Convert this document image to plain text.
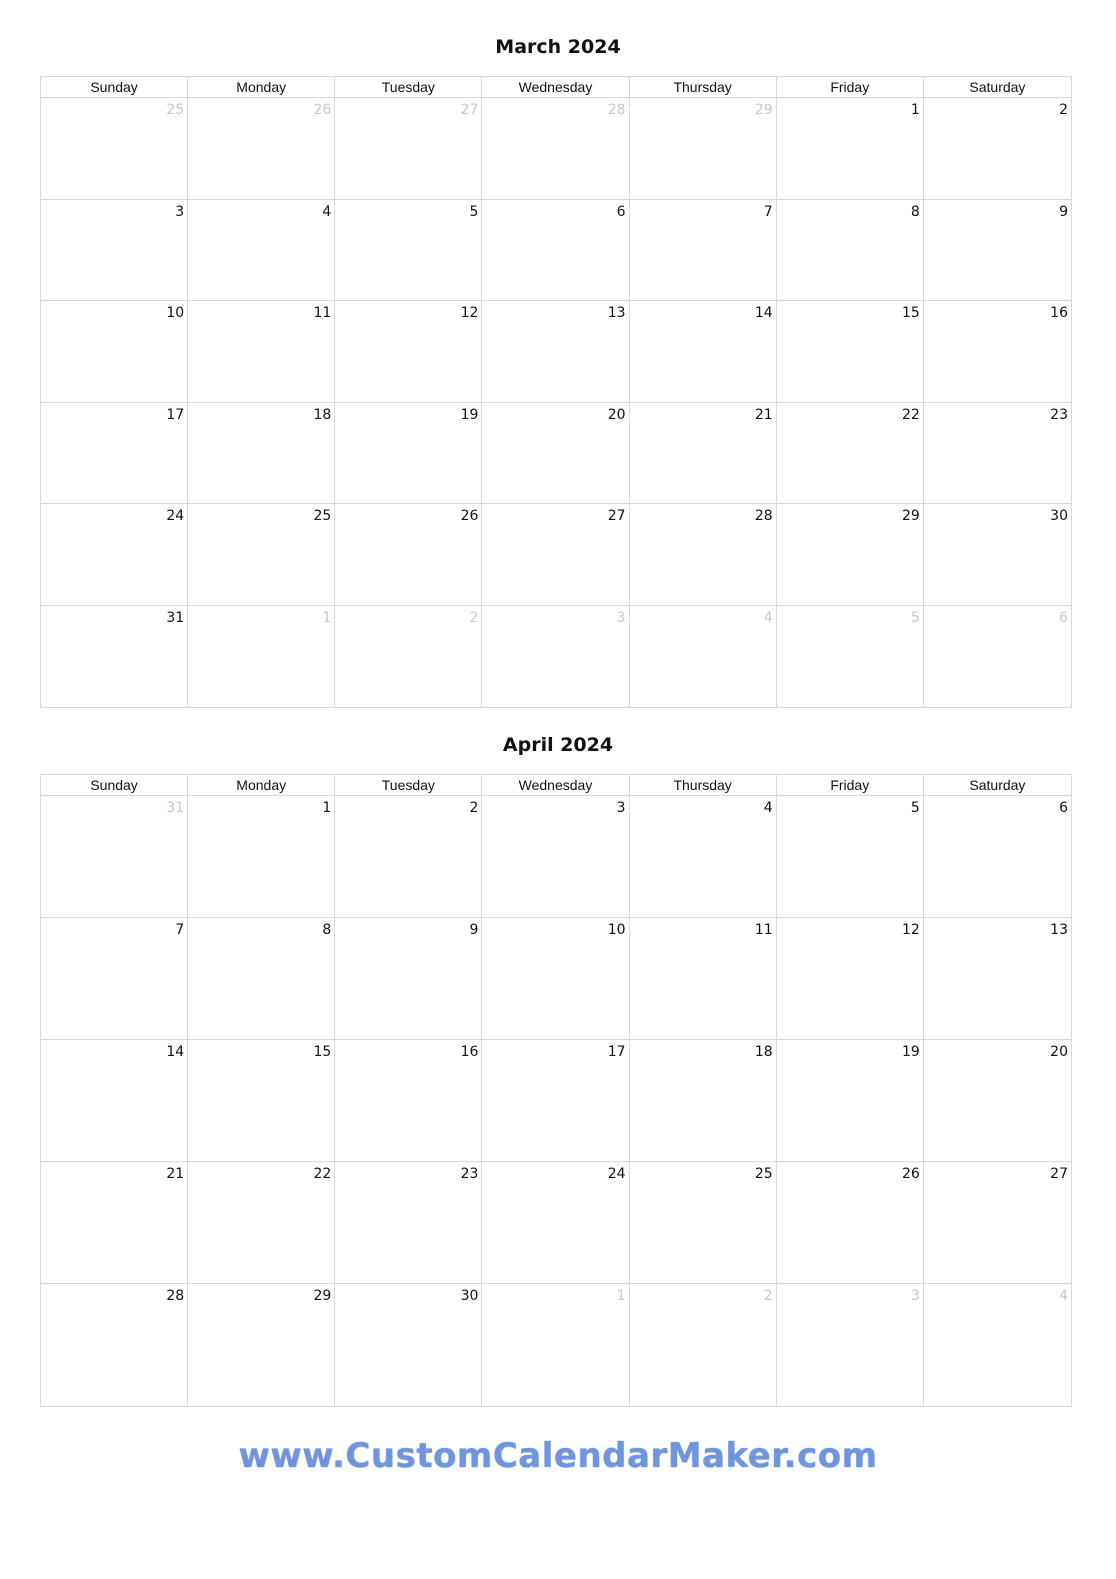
March 2024
Sunday	Monday	Tuesday	Wednesday	Thursday	Friday	Saturday
25	26	27	28	29	1	2
3	4	5	6	7	8	9
10	11	12	13	14	15	16
17	18	19	20	21	22	23
24	25	26	27	28	29	30
31	1	2	3	4	5	6
April 2024
Sunday	Monday	Tuesday	Wednesday	Thursday	Friday	Saturday
31	1	2	3	4	5	6
7	8	9	10	11	12	13
14	15	16	17	18	19	20
21	22	23	24	25	26	27
28	29	30	1	2	3	4
www.CustomCalendarMaker.com
